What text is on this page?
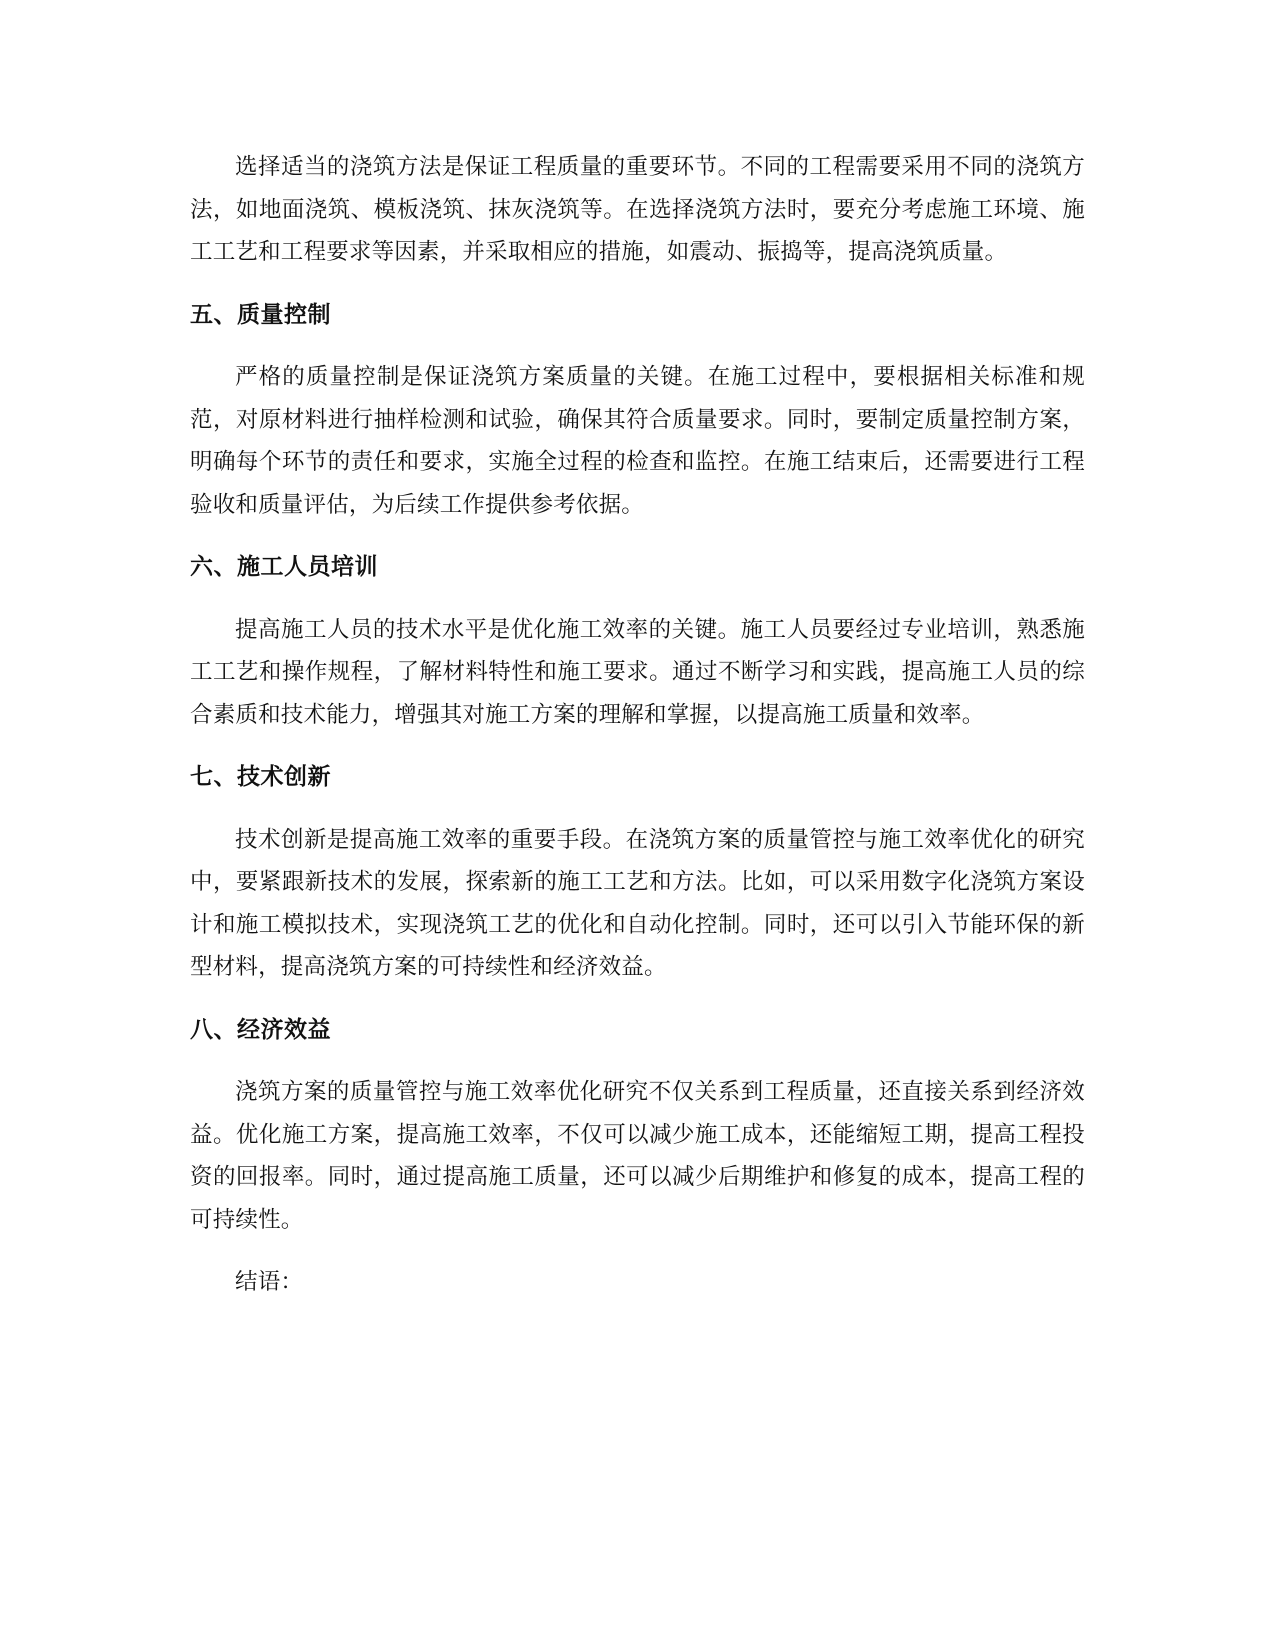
选择适当的浇筑方法是保证工程质量的重要环节。不同的工程需要采用不同的浇筑方法，如地面浇筑、模板浇筑、抹灰浇筑等。在选择浇筑方法时，要充分考虑施工环境、施工工艺和工程要求等因素，并采取相应的措施，如震动、振捣等，提高浇筑质量。

五、质量控制

严格的质量控制是保证浇筑方案质量的关键。在施工过程中，要根据相关标准和规范，对原材料进行抽样检测和试验，确保其符合质量要求。同时，要制定质量控制方案，明确每个环节的责任和要求，实施全过程的检查和监控。在施工结束后，还需要进行工程验收和质量评估，为后续工作提供参考依据。

六、施工人员培训

提高施工人员的技术水平是优化施工效率的关键。施工人员要经过专业培训，熟悉施工工艺和操作规程，了解材料特性和施工要求。通过不断学习和实践，提高施工人员的综合素质和技术能力，增强其对施工方案的理解和掌握，以提高施工质量和效率。

七、技术创新

技术创新是提高施工效率的重要手段。在浇筑方案的质量管控与施工效率优化的研究中，要紧跟新技术的发展，探索新的施工工艺和方法。比如，可以采用数字化浇筑方案设计和施工模拟技术，实现浇筑工艺的优化和自动化控制。同时，还可以引入节能环保的新型材料，提高浇筑方案的可持续性和经济效益。

八、经济效益

浇筑方案的质量管控与施工效率优化研究不仅关系到工程质量，还直接关系到经济效益。优化施工方案，提高施工效率，不仅可以减少施工成本，还能缩短工期，提高工程投资的回报率。同时，通过提高施工质量，还可以减少后期维护和修复的成本，提高工程的可持续性。

结语：
